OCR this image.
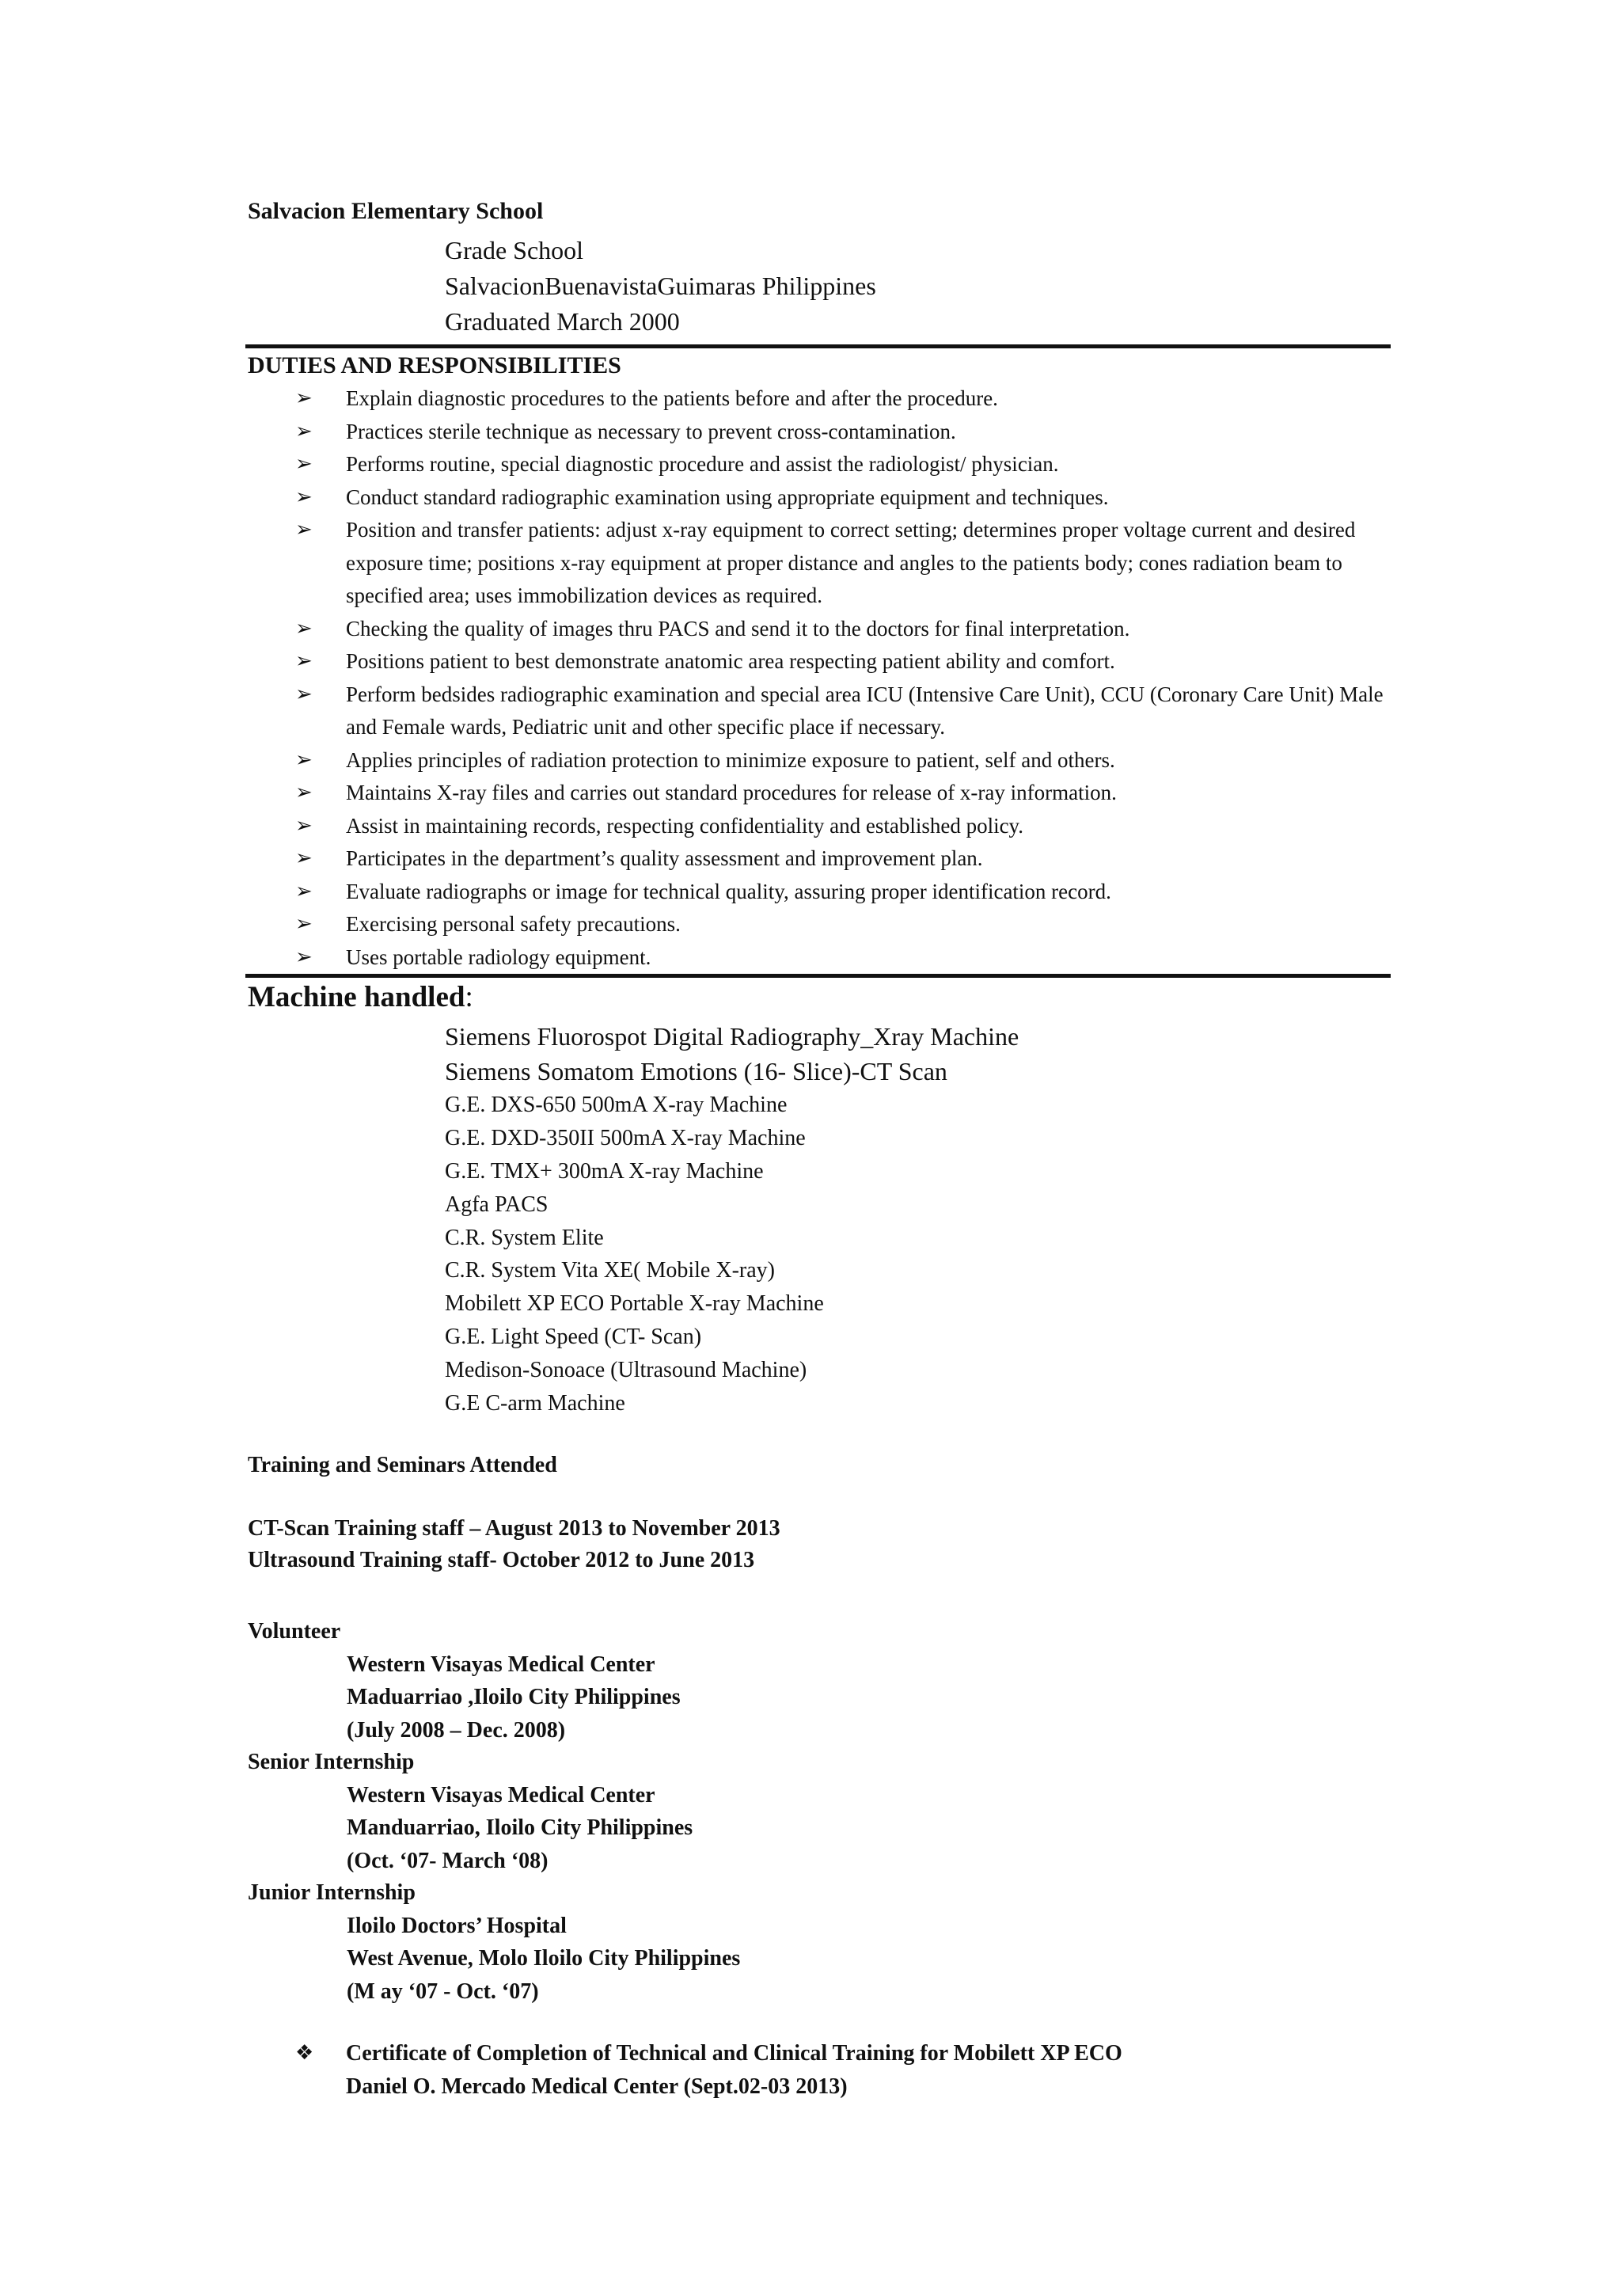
Salvacion Elementary School
Grade School
SalvacionBuenavistaGuimaras Philippines
Graduated March 2000
DUTIES AND RESPONSIBILITIES
➢ Explain diagnostic procedures to the patients before and after the procedure.
➢ Practices sterile technique as necessary to prevent cross-contamination.
➢ Performs routine, special diagnostic procedure and assist the radiologist/ physician.
➢ Conduct standard radiographic examination using appropriate equipment and techniques.
➢ Position and transfer patients: adjust x-ray equipment to correct setting; determines proper voltage current and desired exposure time; positions x-ray equipment at proper distance and angles to the patients body; cones radiation beam to specified area; uses immobilization devices as required.
➢ Checking the quality of images thru PACS and send it to the doctors for final interpretation.
➢ Positions patient to best demonstrate anatomic area respecting patient ability and comfort.
➢ Perform bedsides radiographic examination and special area ICU (Intensive Care Unit), CCU (Coronary Care Unit) Male and Female wards, Pediatric unit and other specific place if necessary.
➢ Applies principles of radiation protection to minimize exposure to patient, self and others.
➢ Maintains X-ray files and carries out standard procedures for release of x-ray information.
➢ Assist in maintaining records, respecting confidentiality and established policy.
➢ Participates in the department’s quality assessment and improvement plan.
➢ Evaluate radiographs or image for technical quality, assuring proper identification record.
➢ Exercising personal safety precautions.
➢ Uses portable radiology equipment.
Machine handled:
Siemens Fluorospot Digital Radiography_Xray Machine
Siemens Somatom Emotions (16- Slice)-CT Scan
G.E. DXS-650 500mA X-ray Machine
G.E. DXD-350II 500mA X-ray Machine
G.E. TMX+ 300mA X-ray Machine
Agfa PACS
C.R. System Elite
C.R. System Vita XE( Mobile X-ray)
Mobilett XP ECO Portable X-ray Machine
G.E. Light Speed (CT- Scan)
Medison-Sonoace (Ultrasound Machine)
G.E C-arm Machine
Training and Seminars Attended
CT-Scan Training staff – August 2013 to November 2013
Ultrasound Training staff- October 2012 to June 2013
Volunteer
Western Visayas Medical Center
Maduarriao ,Iloilo City Philippines
(July 2008 – Dec. 2008)
Senior Internship
Western Visayas Medical Center
Manduarriao, Iloilo City Philippines
(Oct. ‘07- March ‘08)
Junior Internship
Iloilo Doctors’ Hospital
West Avenue, Molo Iloilo City Philippines
(M ay ‘07 - Oct. ‘07)
❖	Certificate of Completion of Technical and Clinical Training for Mobilett XP ECO
Daniel O. Mercado Medical Center (Sept.02-03 2013)
